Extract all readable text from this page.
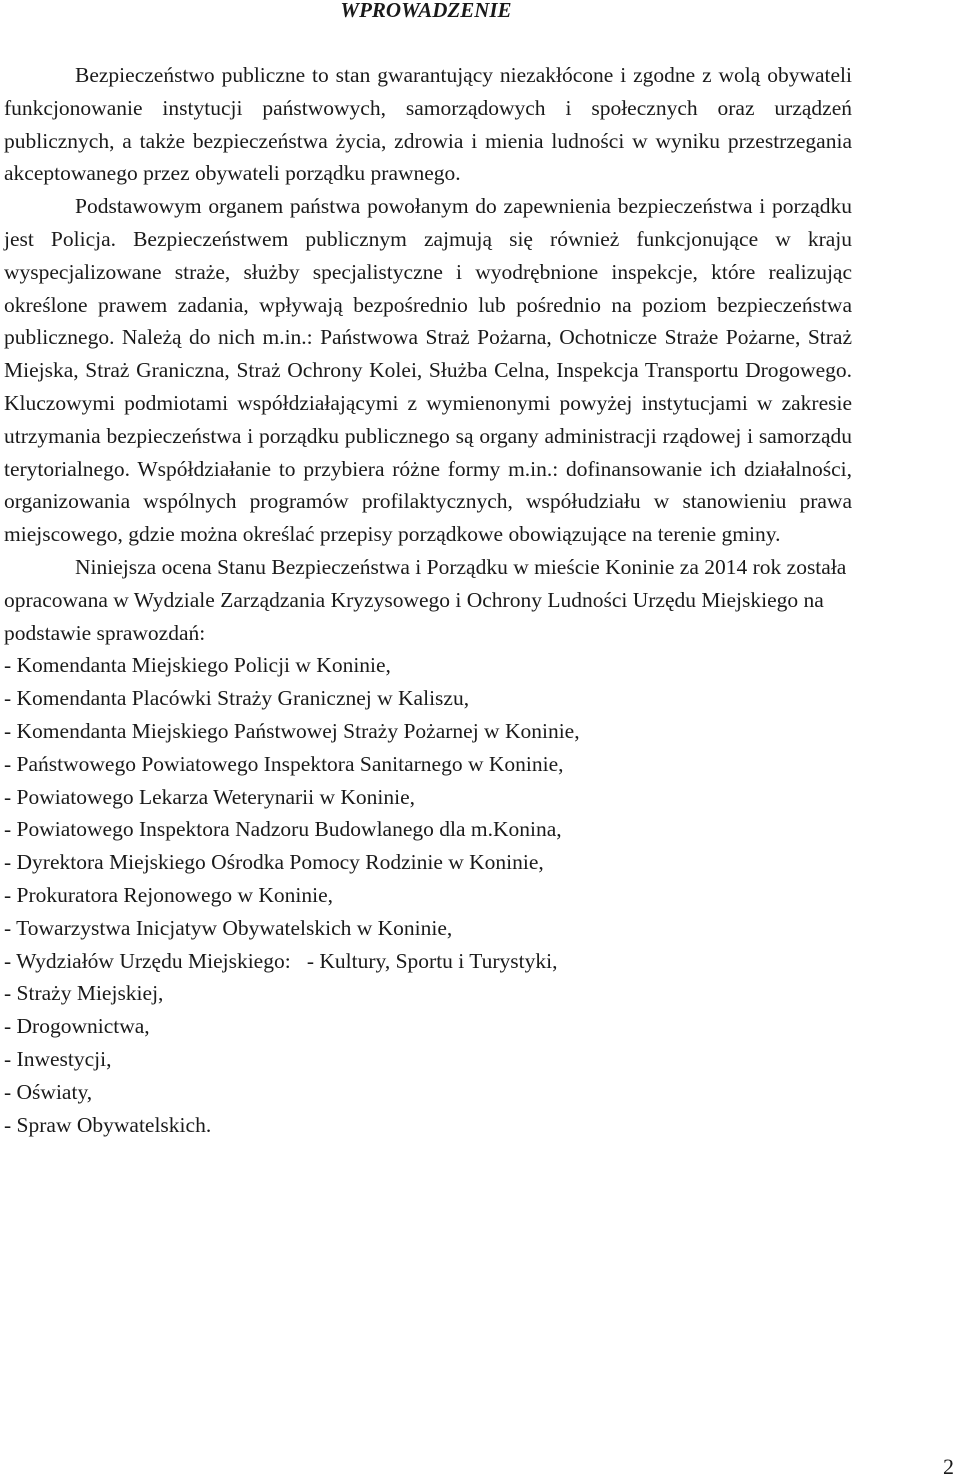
WPROWADZENIE

Bezpieczeństwo publiczne to stan gwarantujący niezakłócone i zgodne z wolą obywateli funkcjonowanie instytucji państwowych, samorządowych i społecznych oraz urządzeń publicznych, a także bezpieczeństwa życia, zdrowia i mienia ludności w wyniku przestrzegania akceptowanego przez obywateli porządku prawnego.

Podstawowym organem państwa powołanym do zapewnienia bezpieczeństwa i porządku jest Policja. Bezpieczeństwem publicznym zajmują się również funkcjonujące w kraju wyspecjalizowane straże, służby specjalistyczne i wyodrębnione inspekcje, które realizując określone prawem zadania, wpływają bezpośrednio lub pośrednio na poziom bezpieczeństwa publicznego. Należą do nich m.in.: Państwowa Straż Pożarna, Ochotnicze Straże Pożarne, Straż Miejska, Straż Graniczna, Straż Ochrony Kolei, Służba Celna, Inspekcja Transportu Drogowego. Kluczowymi podmiotami współdziałającymi z wymienonymi powyżej instytucjami w zakresie utrzymania bezpieczeństwa i porządku publicznego są organy administracji rządowej i samorządu terytorialnego. Współdziałanie to przybiera różne formy m.in.: dofinansowanie ich działalności, organizowania wspólnych programów profilaktycznych, współudziału w stanowieniu prawa miejscowego, gdzie można określać przepisy porządkowe obowiązujące na terenie gminy.

Niniejsza ocena Stanu Bezpieczeństwa i Porządku w mieście Koninie za 2014 rok została opracowana w Wydziale Zarządzania Kryzysowego i Ochrony Ludności Urzędu Miejskiego na podstawie sprawozdań:

- Komendanta Miejskiego Policji w Koninie,
- Komendanta Placówki Straży Granicznej w Kaliszu,
- Komendanta Miejskiego Państwowej Straży Pożarnej w Koninie,
- Państwowego Powiatowego Inspektora Sanitarnego w Koninie,
- Powiatowego Lekarza Weterynarii w Koninie,
- Powiatowego Inspektora Nadzoru Budowlanego dla m.Konina,
- Dyrektora Miejskiego Ośrodka Pomocy Rodzinie w Koninie,
- Prokuratora Rejonowego w Koninie,
- Towarzystwa Inicjatyw Obywatelskich w Koninie,
- Wydziałów Urzędu Miejskiego:   - Kultury, Sportu i Turystyki,
- Straży Miejskiej,
- Drogownictwa,
- Inwestycji,
- Oświaty,
- Spraw Obywatelskich.
2
